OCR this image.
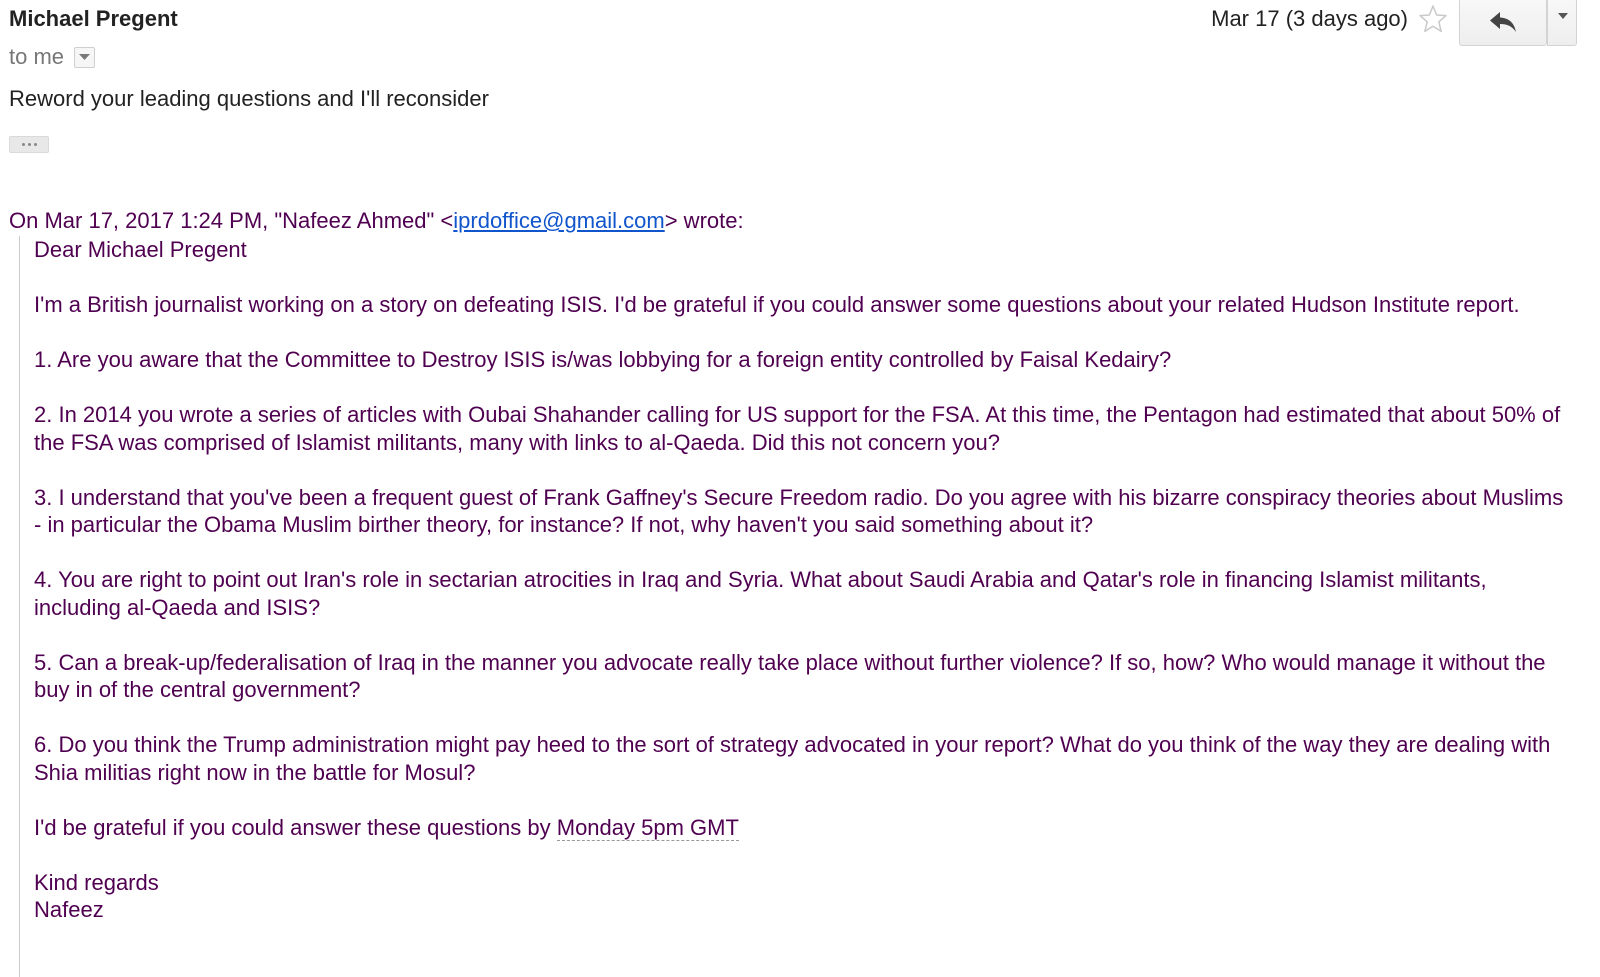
Michael Pregent
to me
Mar 17 (3 days ago)
Reword your leading questions and I'll reconsider
On Mar 17, 2017 1:24 PM, "Nafeez Ahmed" <iprdoffice@gmail.com> wrote:

Dear Michael Pregent

I'm a British journalist working on a story on defeating ISIS. I'd be grateful if you could answer some questions about your related Hudson Institute report.

1. Are you aware that the Committee to Destroy ISIS is/was lobbying for a foreign entity controlled by Faisal Kedairy?

2. In 2014 you wrote a series of articles with Oubai Shahander calling for US support for the FSA. At this time, the Pentagon had estimated that about 50% of the FSA was comprised of Islamist militants, many with links to al-Qaeda. Did this not concern you?

3. I understand that you've been a frequent guest of Frank Gaffney's Secure Freedom radio. Do you agree with his bizarre conspiracy theories about Muslims - in particular the Obama Muslim birther theory, for instance? If not, why haven't you said something about it?

4. You are right to point out Iran's role in sectarian atrocities in Iraq and Syria. What about Saudi Arabia and Qatar's role in financing Islamist militants, including al-Qaeda and ISIS?

5. Can a break-up/federalisation of Iraq in the manner you advocate really take place without further violence? If so, how? Who would manage it without the buy in of the central government?

6. Do you think the Trump administration might pay heed to the sort of strategy advocated in your report? What do you think of the way they are dealing with Shia militias right now in the battle for Mosul?

I'd be grateful if you could answer these questions by Monday 5pm GMT

Kind regards

Nafeez
